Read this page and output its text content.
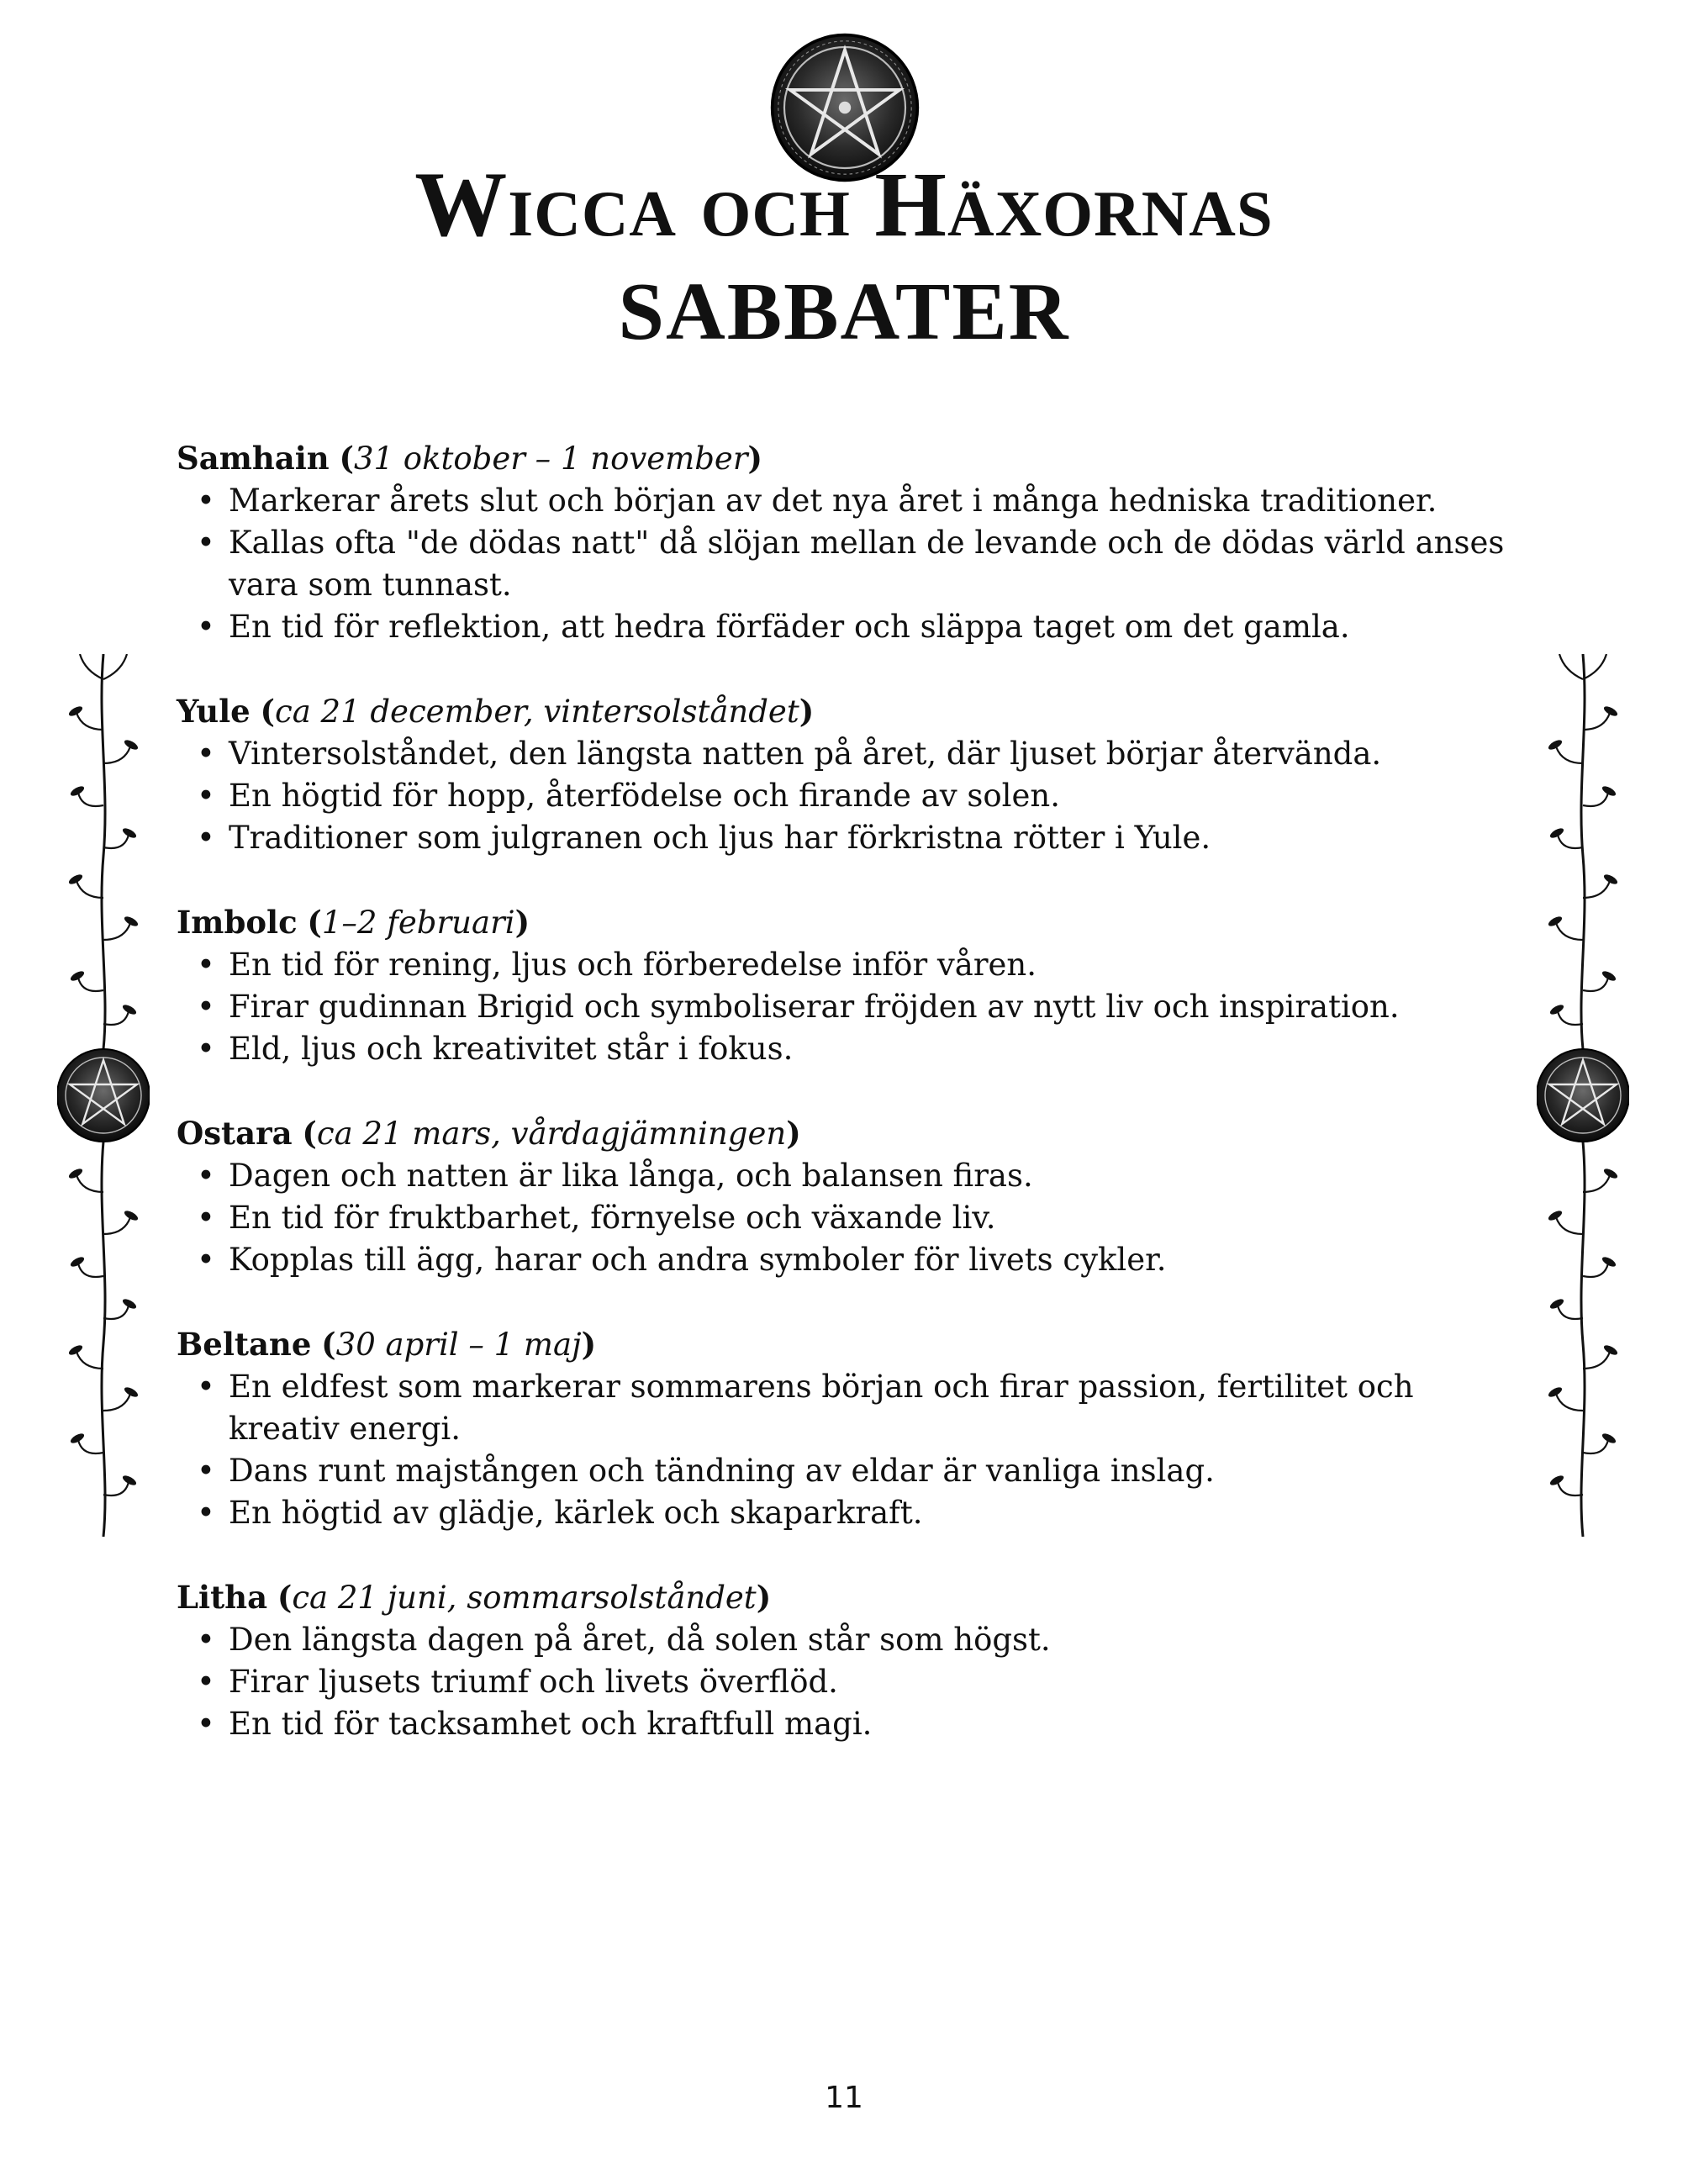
Wicca och Häxornas
SABBATER
Samhain (31 oktober – 1 november)
• Markerar årets slut och början av det nya året i många hedniska traditioner.
• Kallas ofta "de dödas natt" då slöjan mellan de levande och de dödas värld anses vara som tunnast.
• En tid för reflektion, att hedra förfäder och släppa taget om det gamla.
Yule (ca 21 december, vintersolståndet)
• Vintersolståndet, den längsta natten på året, där ljuset börjar återvända.
• En högtid för hopp, återfödelse och firande av solen.
• Traditioner som julgranen och ljus har förkristna rötter i Yule.
Imbolc (1–2 februari)
• En tid för rening, ljus och förberedelse inför våren.
• Firar gudinnan Brigid och symboliserar fröjden av nytt liv och inspiration.
• Eld, ljus och kreativitet står i fokus.
Ostara (ca 21 mars, vårdagjämningen)
• Dagen och natten är lika långa, och balansen firas.
• En tid för fruktbarhet, förnyelse och växande liv.
• Kopplas till ägg, harar och andra symboler för livets cykler.
Beltane (30 april – 1 maj)
• En eldfest som markerar sommarens början och firar passion, fertilitet och kreativ energi.
• Dans runt majstången och tändning av eldar är vanliga inslag.
• En högtid av glädje, kärlek och skaparkraft.
Litha (ca 21 juni, sommarsolståndet)
• Den längsta dagen på året, då solen står som högst.
• Firar ljusets triumf och livets överflöd.
• En tid för tacksamhet och kraftfull magi.
11
